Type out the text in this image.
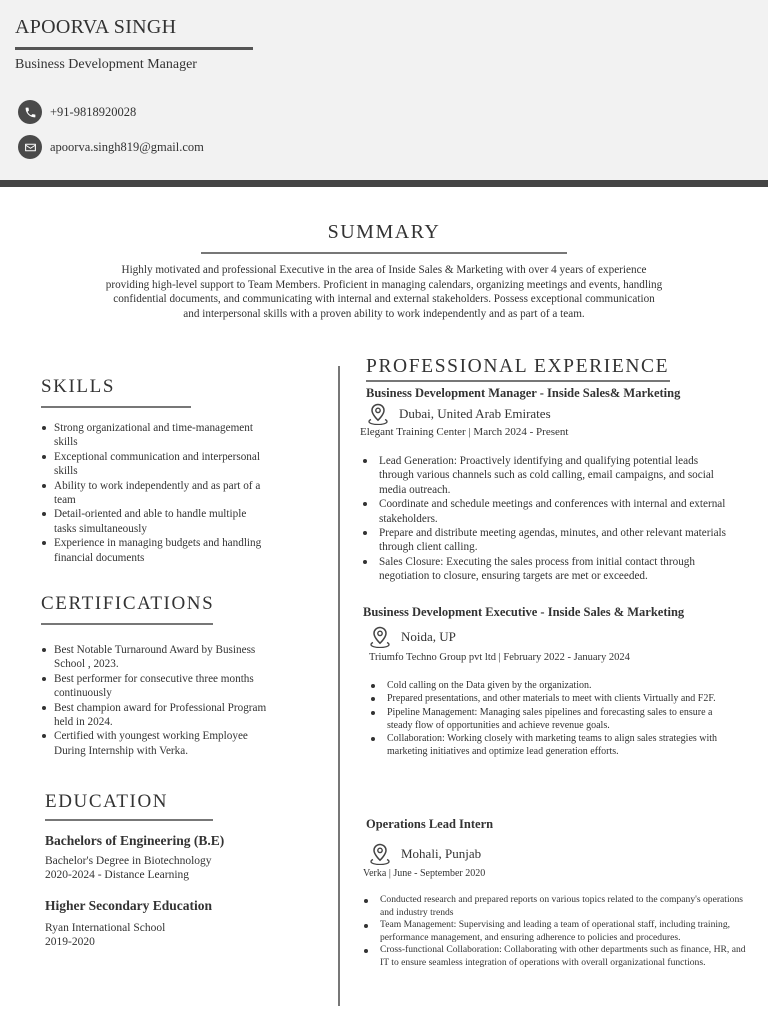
APOORVA SINGH
Business Development Manager
+91-9818920028
apoorva.singh819@gmail.com
SUMMARY
Highly motivated and professional Executive in the area of Inside Sales & Marketing with over 4 years of experience
providing high-level support to Team Members. Proficient in managing calendars, organizing meetings and events, handling
confidential documents, and communicating with internal and external stakeholders. Possess exceptional communication
and interpersonal skills with a proven ability to work independently and as part of a team.
SKILLS
Strong organizational and time-management skills
Exceptional communication and interpersonal skills
Ability to work independently and as part of a team
Detail-oriented and able to handle multiple tasks simultaneously
Experience in managing budgets and handling financial documents
CERTIFICATIONS
Best Notable Turnaround Award by Business School , 2023.
Best performer for consecutive three months continuously
Best champion award for Professional Program held in 2024.
Certified with youngest working Employee During Internship with Verka.
EDUCATION
Bachelors of Engineering (B.E)
Bachelor's Degree in Biotechnology
2020-2024 - Distance Learning
Higher Secondary Education
Ryan International School
2019-2020
PROFESSIONAL EXPERIENCE
Business Development Manager - Inside Sales& Marketing
Dubai, United Arab Emirates
Elegant Training Center | March 2024 - Present
Lead Generation: Proactively identifying and qualifying potential leads through various channels such as cold calling, email campaigns, and social media outreach.
Coordinate and schedule meetings and conferences with internal and external stakeholders.
Prepare and distribute meeting agendas, minutes, and other relevant materials through client calling.
Sales Closure: Executing the sales process from initial contact through negotiation to closure, ensuring targets are met or exceeded.
Business Development Executive - Inside Sales & Marketing
Noida, UP
Triumfo Techno Group pvt ltd | February 2022 - January 2024
Cold calling on the Data given by the organization.
Prepared presentations, and other materials to meet with clients Virtually and F2F.
Pipeline Management: Managing sales pipelines and forecasting sales to ensure a steady flow of opportunities and achieve revenue goals.
Collaboration: Working closely with marketing teams to align sales strategies with marketing initiatives and optimize lead generation efforts.
Operations Lead Intern
Mohali, Punjab
Verka | June - September 2020
Conducted research and prepared reports on various topics related to the company's operations and industry trends
Team Management: Supervising and leading a team of operational staff, including training, performance management, and ensuring adherence to policies and procedures.
Cross-functional Collaboration: Collaborating with other departments such as finance, HR, and IT to ensure seamless integration of operations with overall organizational functions.
